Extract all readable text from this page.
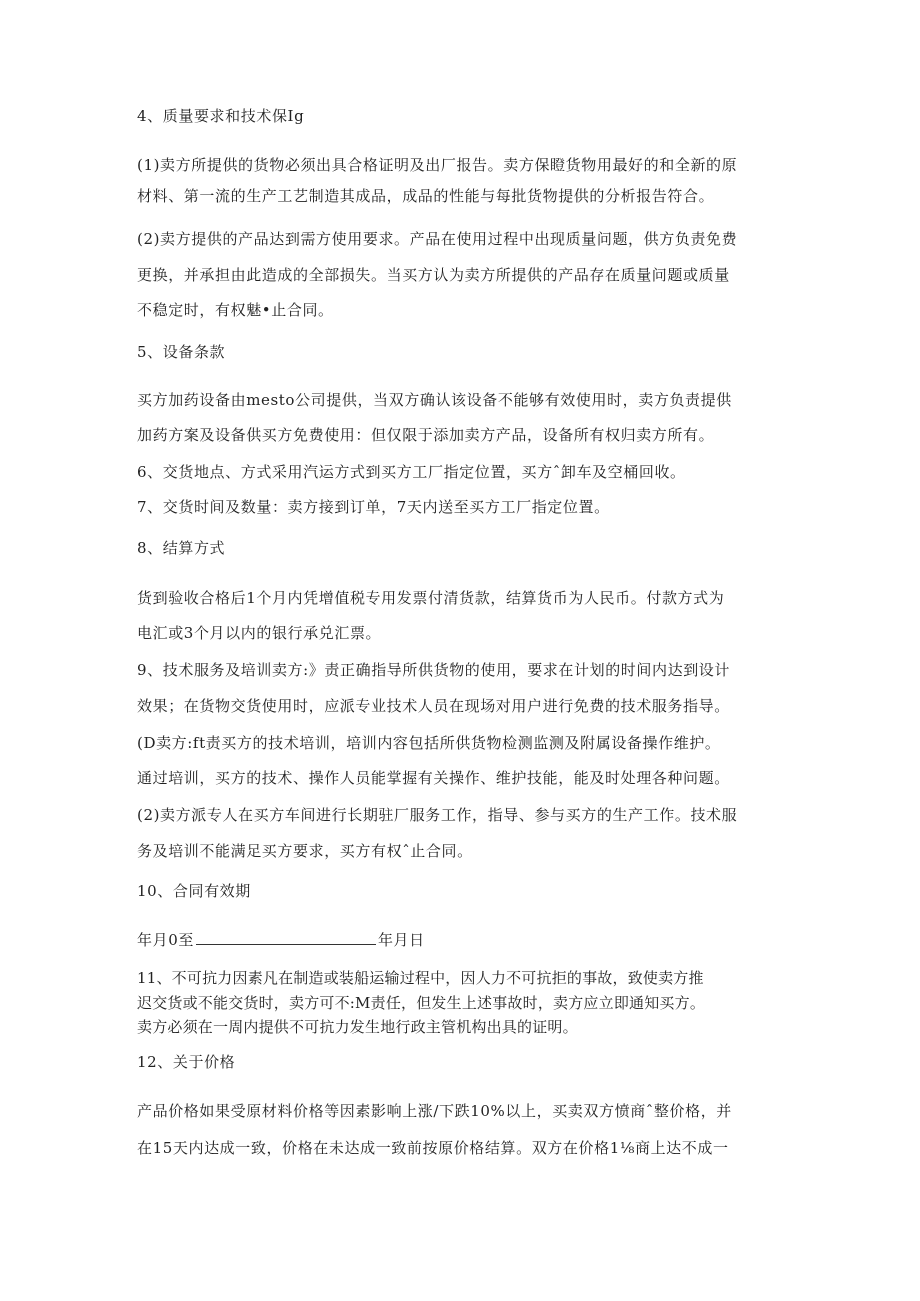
4、质量要求和技术保Ig
(1)卖方所提供的货物必须出具合格证明及出厂报告。卖方保瞪货物用最好的和全新的原
材料、第一流的生产工艺制造其成品，成品的性能与每批货物提供的分析报告符合。
(2)卖方提供的产品达到需方使用要求。产品在使用过程中出现质量问题，供方负责免费
更换，并承担由此造成的全部损失。当买方认为卖方所提供的产品存在质量问题或质量
不稳定时，有权魅•止合同。
5、设备条款
买方加药设备由mesto公司提供，当双方确认该设备不能够有效使用时，卖方负责提供
加药方案及设备供买方免费使用：但仅限于添加卖方产品，设备所有权归卖方所有。
6、交货地点、方式采用汽运方式到买方工厂指定位置，买方ˆ卸车及空桶回收。
7、交货时间及数量：卖方接到订单，7天内送至买方工厂指定位置。
8、结算方式
货到验收合格后1个月内凭增值税专用发票付清货款，结算货币为人民币。付款方式为
电汇或3个月以内的银行承兑汇票。
9、技术服务及培训卖方:》责正确指导所供货物的使用，要求在计划的时间内达到设计
效果；在货物交货使用时，应派专业技术人员在现场对用户进行免费的技术服务指导。
(D卖方:ft责买方的技术培训，培训内容包括所供货物检测监测及附属设备操作维护。
通过培训，买方的技术、操作人员能掌握有关操作、维护技能，能及时处理各种问题。
(2)卖方派专人在买方车间进行长期驻厂服务工作，指导、参与买方的生产工作。技术服
务及培训不能满足买方要求，买方有权ˆ止合同。
10、合同有效期
年月0至	年月日
11、不可抗力因素凡在制造或装船运输过程中，因人力不可抗拒的事故，致使卖方推
迟交货或不能交货时，卖方可不:M责任，但发生上述事故时，卖方应立即通知买方。
卖方必须在一周内提供不可抗力发生地行政主管机构出具的证明。
12、关于价格
产品价格如果受原材料价格等因素影响上涨/下跌10%以上，买卖双方愤商ˆ整价格，并
在15天内达成一致，价格在未达成一致前按原价格结算。双方在价格1⅛商上达不成一
